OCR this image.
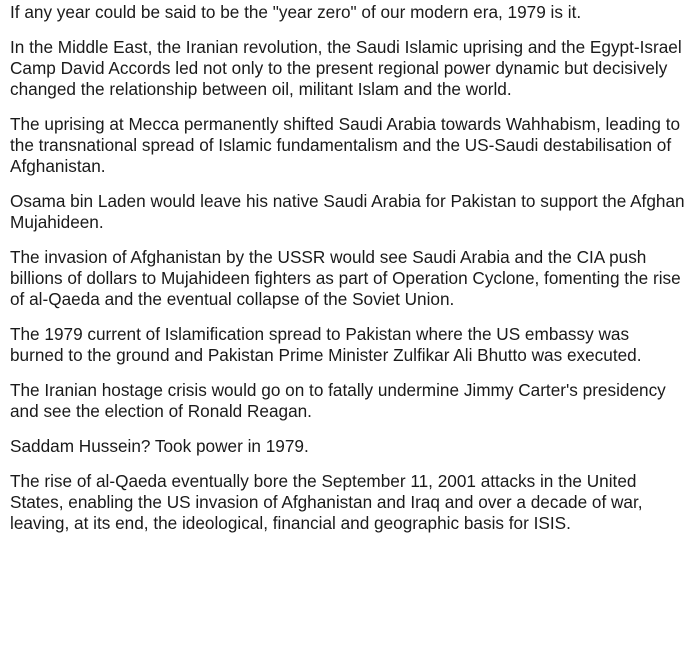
If any year could be said to be the "year zero" of our modern era, 1979 is it.

In the Middle East, the Iranian revolution, the Saudi Islamic uprising and the Egypt-Israel Camp David Accords led not only to the present regional power dynamic but decisively changed the relationship between oil, militant Islam and the world.

The uprising at Mecca permanently shifted Saudi Arabia towards Wahhabism, leading to the transnational spread of Islamic fundamentalism and the US-Saudi destabilisation of Afghanistan.

Osama bin Laden would leave his native Saudi Arabia for Pakistan to support the Afghan Mujahideen.

The invasion of Afghanistan by the USSR would see Saudi Arabia and the CIA push billions of dollars to Mujahideen fighters as part of Operation Cyclone, fomenting the rise of al-Qaeda and the eventual collapse of the Soviet Union.

The 1979 current of Islamification spread to Pakistan where the US embassy was burned to the ground and Pakistan Prime Minister Zulfikar Ali Bhutto was executed.

The Iranian hostage crisis would go on to fatally undermine Jimmy Carter's presidency and see the election of Ronald Reagan.

Saddam Hussein? Took power in 1979.

The rise of al-Qaeda eventually bore the September 11, 2001 attacks in the United States, enabling the US invasion of Afghanistan and Iraq and over a decade of war, leaving, at its end, the ideological, financial and geographic basis for ISIS.
